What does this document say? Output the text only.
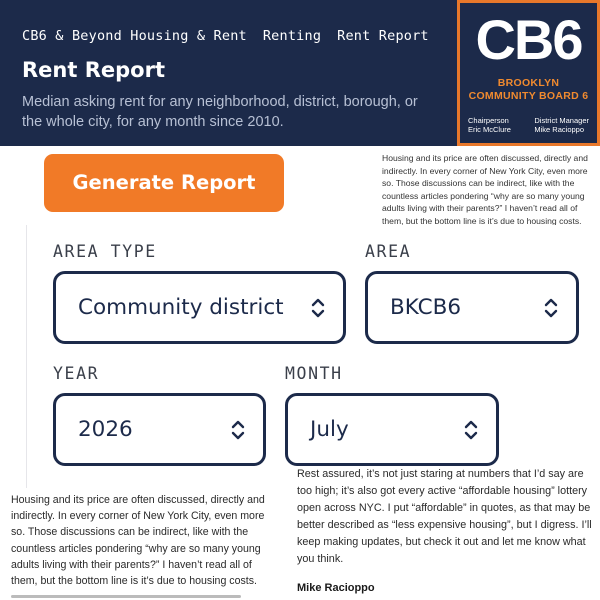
CB6 & Beyond Housing & Rent Renting Rent Report
Rent Report

Median asking rent for any neighborhood, district, borough, or the whole city, for any month since 2010.

CB6
BROOKLYN
COMMUNITY BOARD 6
Chairperson
Eric McClure
District Manager
Mike Racioppo
Generate Report

Housing and its price are often discussed, directly and indirectly. In every corner of New York City, even more so. Those discussions can be indirect, like with the countless articles pondering “why are so many young adults living with their parents?” I haven’t read all of them, but the bottom line is it’s due to housing costs.

AREA TYPE
Community district
AREA
BKCB6
YEAR
2026
MONTH
July

Housing and its price are often discussed, directly and indirectly. In every corner of New York City, even more so. Those discussions can be indirect, like with the countless articles pondering “why are so many young adults living with their parents?” I haven’t read all of them, but the bottom line is it’s due to housing costs.

Rest assured, it’s not just staring at numbers that I’d say are too high; it’s also got every active “affordable housing” lottery open across NYC. I put “affordable” in quotes, as that may be better described as “less expensive housing”, but I digress. I’ll keep making updates, but check it out and let me know what you think.

Mike Racioppo
